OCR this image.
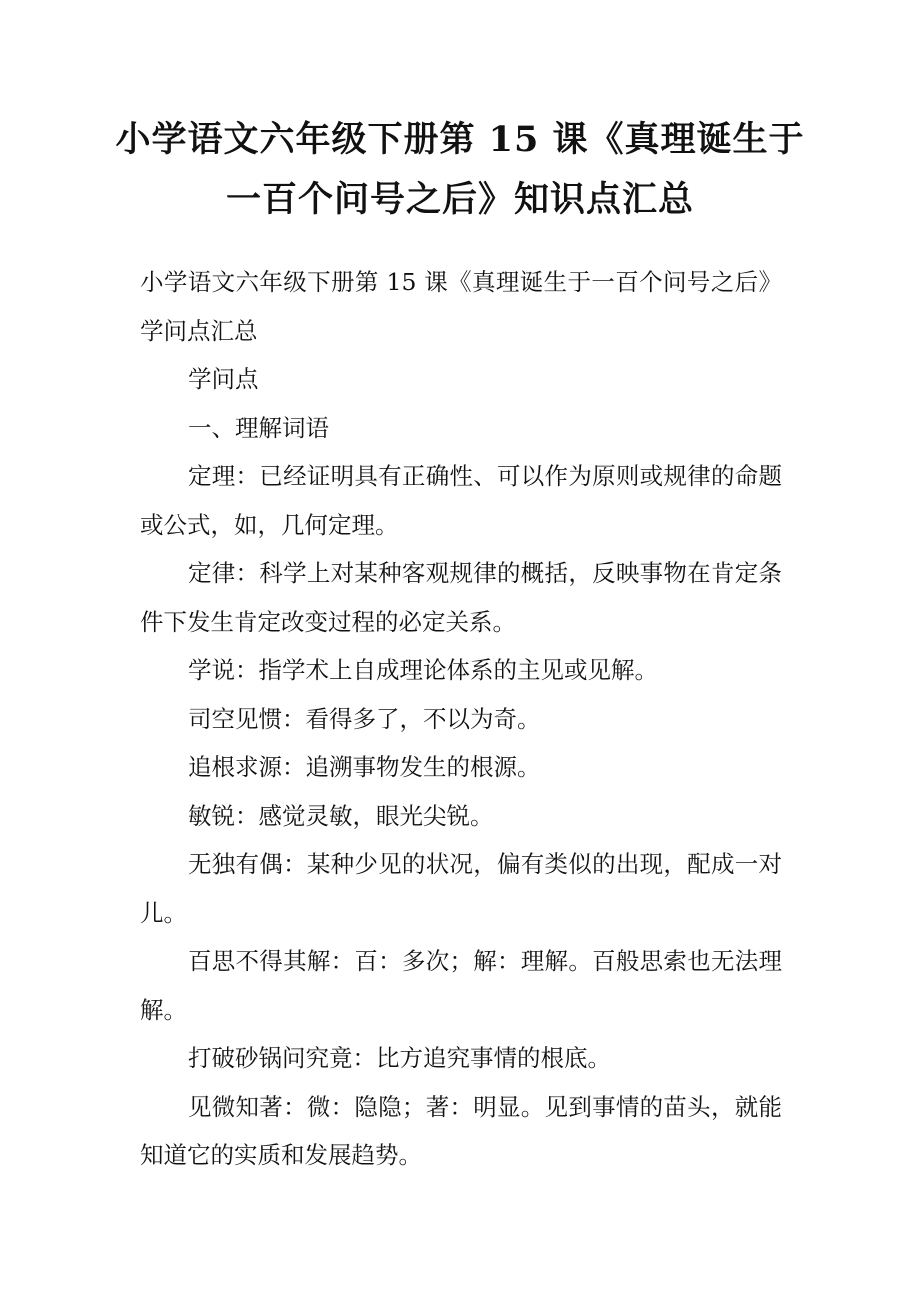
小学语文六年级下册第 15 课《真理诞生于一百个问号之后》知识点汇总

小学语文六年级下册第 15 课《真理诞生于一百个问号之后》学问点汇总

学问点

一、理解词语

定理：已经证明具有正确性、可以作为原则或规律的命题或公式，如，几何定理。

定律：科学上对某种客观规律的概括，反映事物在肯定条件下发生肯定改变过程的必定关系。

学说：指学术上自成理论体系的主见或见解。

司空见惯：看得多了，不以为奇。

追根求源：追溯事物发生的根源。

敏锐：感觉灵敏，眼光尖锐。

无独有偶：某种少见的状况，偏有类似的出现，配成一对儿。

百思不得其解：百：多次；解：理解。百般思索也无法理解。

打破砂锅问究竟：比方追究事情的根底。

见微知著：微：隐隐；著：明显。见到事情的苗头，就能知道它的实质和发展趋势。
